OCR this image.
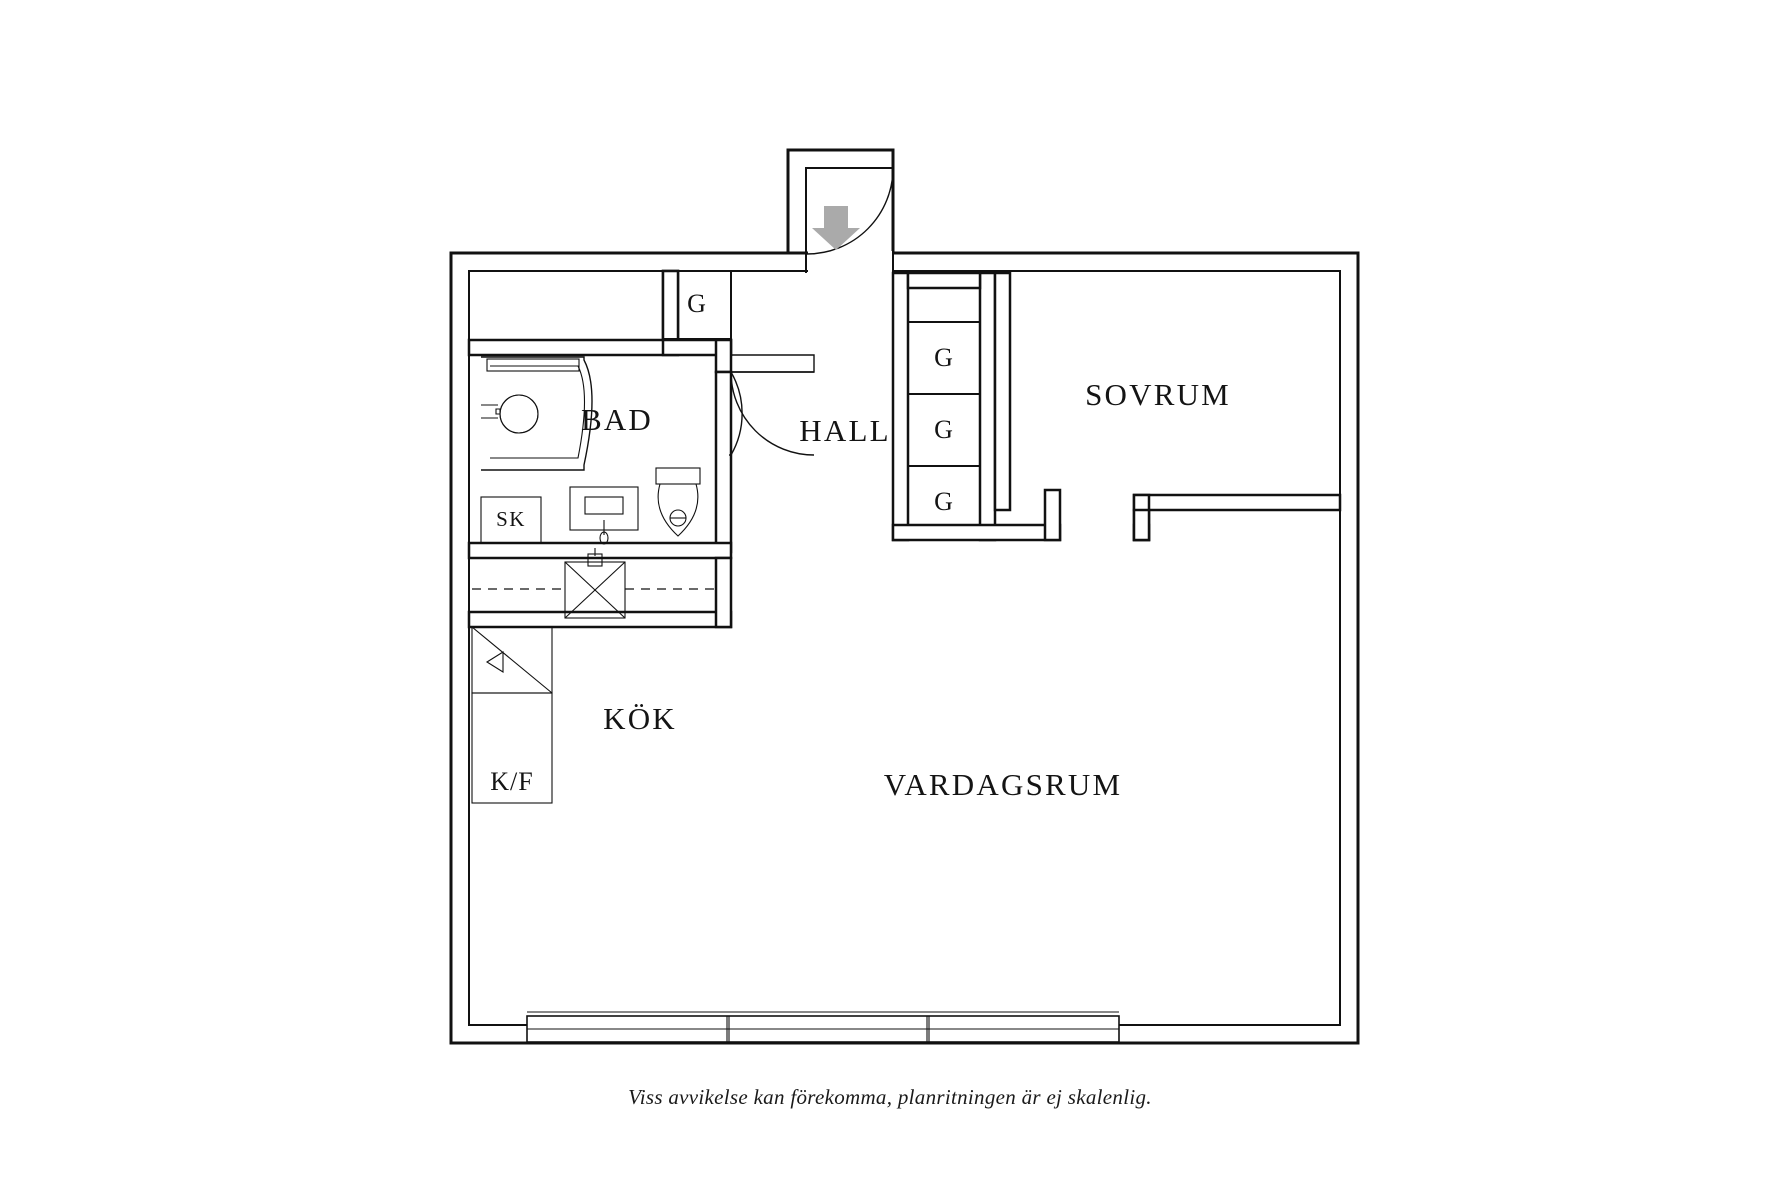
SK
K/F
BAD	HALL
SOVRUM
KÖK
VARDAGSRUM
G
G
G
G
Viss avvikelse kan förekomma, planritningen är ej skalenlig.
